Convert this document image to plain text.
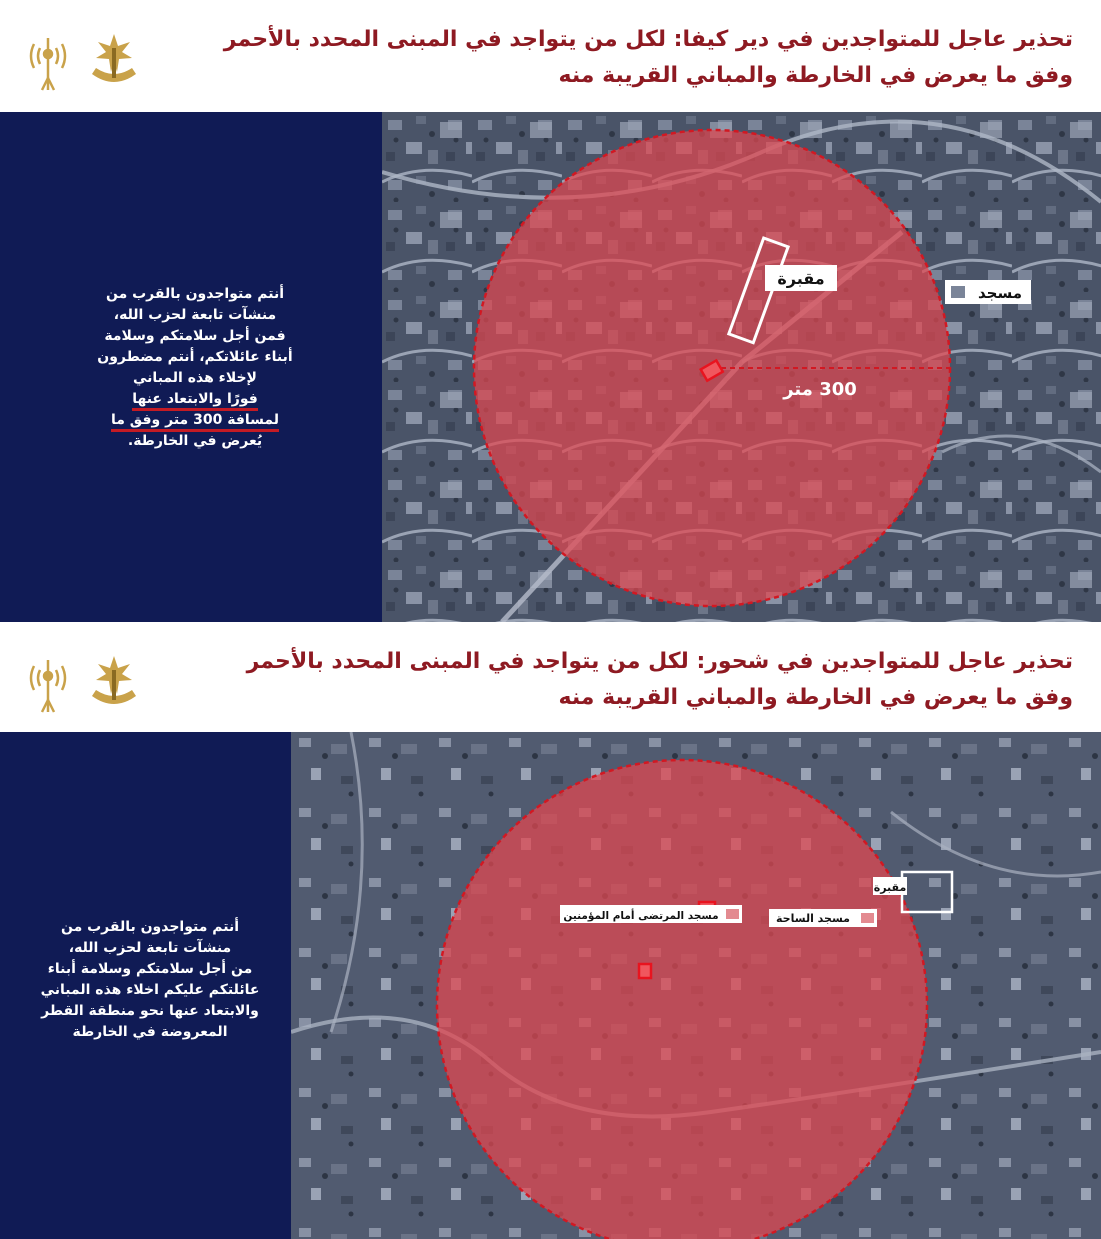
تحذير عاجل للمتواجدين في دير كيفا: لكل من يتواجد في المبنى المحدد بالأحمر وفق ما يعرض في الخارطة والمباني القريبة منه
أنتم متواجدون بالقرب من
منشآت تابعة لحزب الله،
فمن أجل سلامتكم وسلامة
أبناء عائلاتكم، أنتم مضطرون
لإخلاء هذه المباني
فورًا والابتعاد عنها
لمسافة 300 متر وفق ما
يُعرض في الخارطة.
مقبرة
مسجد
300 متر
تحذير عاجل للمتواجدين في شحور: لكل من يتواجد في المبنى المحدد بالأحمر وفق ما يعرض في الخارطة والمباني القريبة منه
أنتم متواجدون بالقرب من
منشآت تابعة لحزب الله،
من أجل سلامتكم وسلامة أبناء
عائلتكم عليكم اخلاء هذه المباني
والابتعاد عنها نحو منطقة القطر
المعروضة في الخارطة
مقبرة
مسجد المرتضى أمام المؤمنين	مسجد الساحة
